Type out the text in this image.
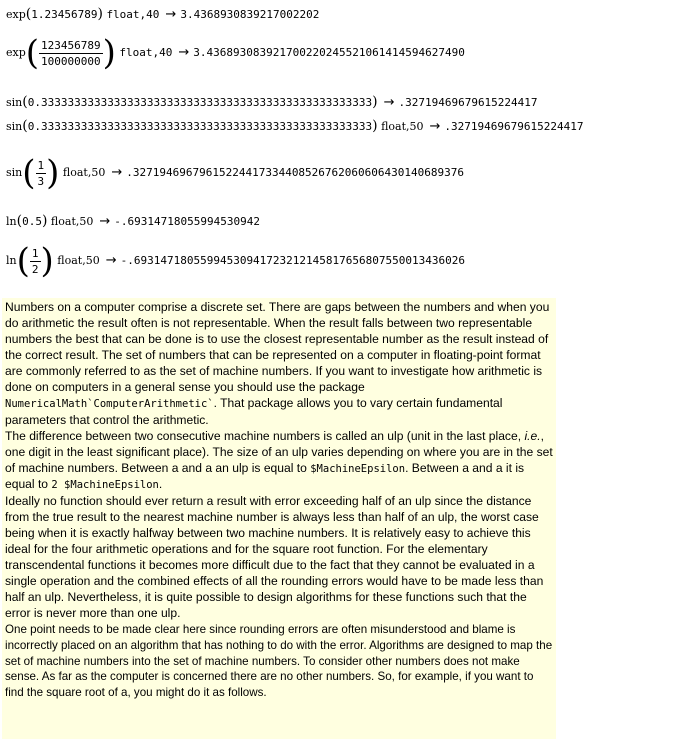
exp(1.23456789) float,40 → 3.436893083921700220​2
$\exp( \frac{123456789}{100000000}$ ) float,40 → 3.436893083921700220245521061414594627490
sin(0.33333333333333333333333333333333333333333333333333) → .32719469679615224417
sin(0.33333333333333333333333333333333333333333333333333) float,50 → .32719469679615224417
$\sin( \frac{1}{3}$ ) float,50 → .32719469679615224417334408526762060606430140689376
ln(0.5) float,50 → -.69314718055994530942
$\ln( \frac{1}{2}$ ) float,50 → -.69314718055994530941723212145817656807550013436026

Numbers on a computer comprise a discrete set. There are gaps between the numbers and when you do arithmetic the result often is not representable. When the result falls between two representable numbers the best that can be done is to use the closest representable number as the result instead of the correct result. The set of numbers that can be represented on a computer in floating-point format are commonly referred to as the set of machine numbers. If you want to investigate how arithmetic is done on computers in a general sense you should use the package NumericalMath`ComputerArithmetic`. That package allows you to vary certain fundamental parameters that control the arithmetic.

The difference between two consecutive machine numbers is called an ulp (unit in the last place, i.e., one digit in the least significant place). The size of an ulp varies depending on where you are in the set of machine numbers. Between a and a an ulp is equal to $MachineEpsilon. Between a and a it is equal to 2 $MachineEpsilon.

Ideally no function should ever return a result with error exceeding half of an ulp since the distance from the true result to the nearest machine number is always less than half of an ulp, the worst case being when it is exactly halfway between two machine numbers. It is relatively easy to achieve this ideal for the four arithmetic operations and for the square root function. For the elementary transcendental functions it becomes more difficult due to the fact that they cannot be evaluated in a single operation and the combined effects of all the rounding errors would have to be made less than half an ulp. Nevertheless, it is quite possible to design algorithms for these functions such that the error is never more than one ulp.

One point needs to be made clear here since rounding errors are often misunderstood and blame is incorrectly placed on an algorithm that has nothing to do with the error. Algorithms are designed to map the set of machine numbers into the set of machine numbers. To consider other numbers does not make sense. As far as the computer is concerned there are no other numbers. So, for example, if you want to find the square root of a, you might do it as follows.
